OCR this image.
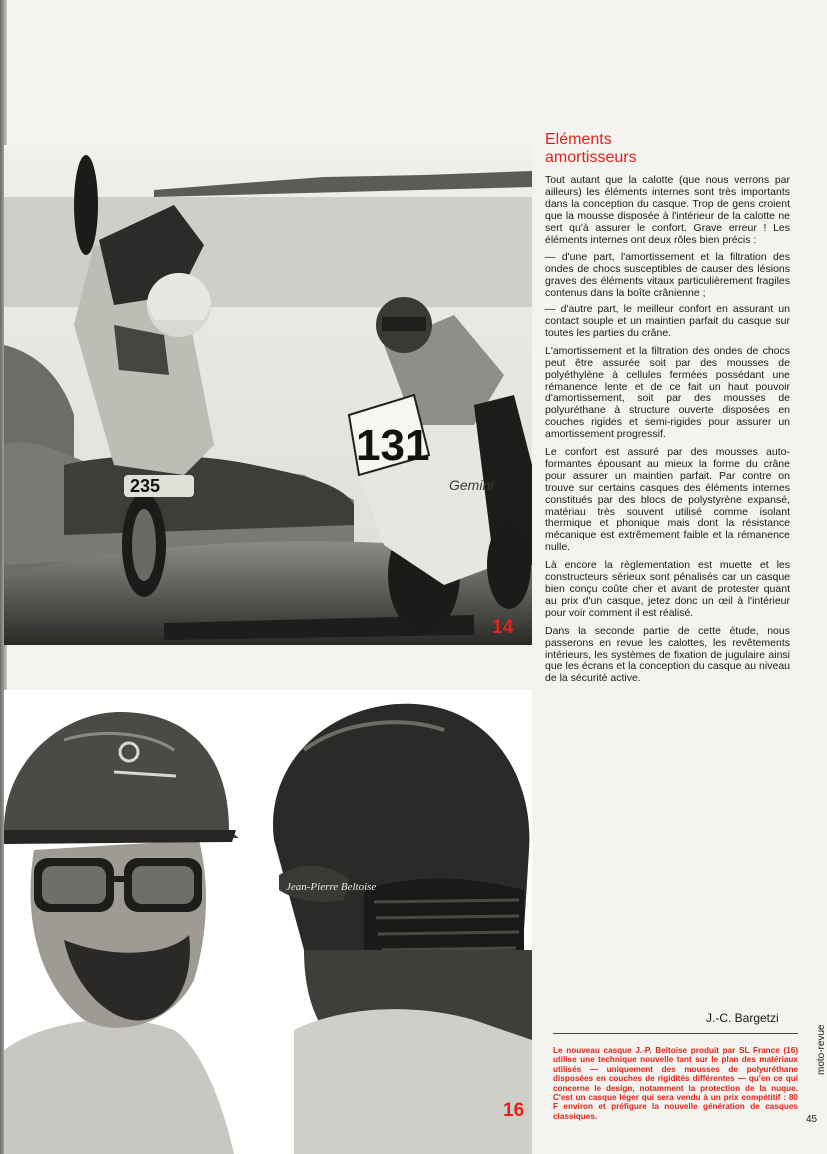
235
131
Gemini
14
Jean-Pierre Beltoise
16
Eléments
amortisseurs

Tout autant que la calotte (que nous verrons par ailleurs) les éléments internes sont très importants dans la conception du casque. Trop de gens croient que la mousse disposée à l'intérieur de la calotte ne sert qu'à assurer le confort. Grave erreur ! Les éléments internes ont deux rôles bien précis :

— d'une part, l'amortissement et la filtration des ondes de chocs susceptibles de causer des lésions graves des éléments vitaux particulièrement fragiles contenus dans la boîte crânienne ;

— d'autre part, le meilleur confort en assurant un contact souple et un maintien parfait du casque sur toutes les parties du crâne.

L'amortissement et la filtration des ondes de chocs peut être assurée soit par des mousses de polyéthylène à cellules fermées possédant une rémanence lente et de ce fait un haut pouvoir d'amortissement, soit par des mousses de polyuréthane à structure ouverte disposées en couches rigides et semi-rigides pour assurer un amortissement progressif.

Le confort est assuré par des mousses auto-formantes épousant au mieux la forme du crâne pour assurer un maintien parfait. Par contre on trouve sur certains casques des éléments internes constitués par des blocs de polystyrène expansé, matériau très souvent utilisé comme isolant thermique et phonique mais dont la résistance mécanique est extrêmement faible et la rémanence nulle.

Là encore la règlementation est muette et les constructeurs sérieux sont pénalisés car un casque bien conçu coûte cher et avant de protester quant au prix d'un casque, jetez donc un œil à l'intérieur pour voir comment il est réalisé.

Dans la seconde partie de cette étude, nous passerons en revue les calottes, les revêtements intérieurs, les systèmes de fixation de jugulaire ainsi que les écrans et la conception du casque au niveau de la sécurité active.

J.-C. Bargetzi
Le nouveau casque J.-P. Beltoise produit par SL France (16) utilise une technique nouvelle tant sur le plan des matériaux utilisés — uniquement des mousses de polyuréthane disposées en couches de rigidités différentes — qu'en ce qui concerne le design, notamment la protection de la nuque. C'est un casque léger qui sera vendu à un prix compétitif : 80 F environ et préfigure la nouvelle génération de casques classiques.
moto-revue
45
